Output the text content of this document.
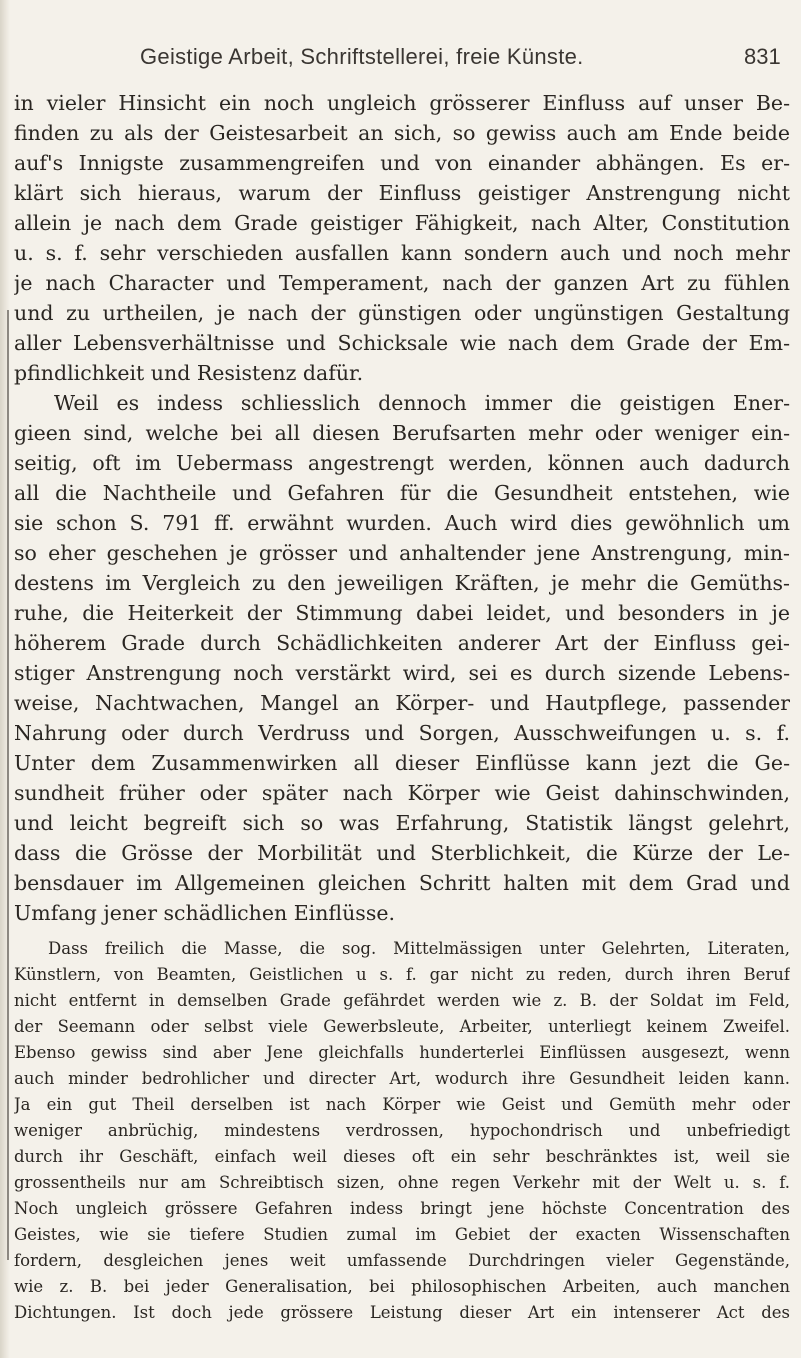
Geistige Arbeit, Schriftstellerei, freie Künste.	831
in vieler Hinsicht ein noch ungleich grösserer Einfluss auf unser Be-
finden zu als der Geistesarbeit an sich, so gewiss auch am Ende beide
auf's Innigste zusammengreifen und von einander abhängen. Es er-
klärt sich hieraus, warum der Einfluss geistiger Anstrengung nicht
allein je nach dem Grade geistiger Fähigkeit, nach Alter, Constitution
u. s. f. sehr verschieden ausfallen kann sondern auch und noch mehr
je nach Character und Temperament, nach der ganzen Art zu fühlen
und zu urtheilen, je nach der günstigen oder ungünstigen Gestaltung
aller Lebensverhältnisse und Schicksale wie nach dem Grade der Em-
pfindlichkeit und Resistenz dafür.
Weil es indess schliesslich dennoch immer die geistigen Ener-
gieen sind, welche bei all diesen Berufsarten mehr oder weniger ein-
seitig, oft im Uebermass angestrengt werden, können auch dadurch
all die Nachtheile und Gefahren für die Gesundheit entstehen, wie
sie schon S. 791 ff. erwähnt wurden. Auch wird dies gewöhnlich um
so eher geschehen je grösser und anhaltender jene Anstrengung, min-
destens im Vergleich zu den jeweiligen Kräften, je mehr die Gemüths-
ruhe, die Heiterkeit der Stimmung dabei leidet, und besonders in je
höherem Grade durch Schädlichkeiten anderer Art der Einfluss gei-
stiger Anstrengung noch verstärkt wird, sei es durch sizende Lebens-
weise, Nachtwachen, Mangel an Körper- und Hautpflege, passender
Nahrung oder durch Verdruss und Sorgen, Ausschweifungen u. s. f.
Unter dem Zusammenwirken all dieser Einflüsse kann jezt die Ge-
sundheit früher oder später nach Körper wie Geist dahinschwinden,
und leicht begreift sich so was Erfahrung, Statistik längst gelehrt,
dass die Grösse der Morbilität und Sterblichkeit, die Kürze der Le-
bensdauer im Allgemeinen gleichen Schritt halten mit dem Grad und
Umfang jener schädlichen Einflüsse.
Dass freilich die Masse, die sog. Mittelmässigen unter Gelehrten, Literaten,
Künstlern, von Beamten, Geistlichen u s. f. gar nicht zu reden, durch ihren Beruf
nicht entfernt in demselben Grade gefährdet werden wie z. B. der Soldat im Feld,
der Seemann oder selbst viele Gewerbsleute, Arbeiter, unterliegt keinem Zweifel.
Ebenso gewiss sind aber Jene gleichfalls hunderterlei Einflüssen ausgesezt, wenn
auch minder bedrohlicher und directer Art, wodurch ihre Gesundheit leiden kann.
Ja ein gut Theil derselben ist nach Körper wie Geist und Gemüth mehr oder
weniger anbrüchig, mindestens verdrossen, hypochondrisch und unbefriedigt
durch ihr Geschäft, einfach weil dieses oft ein sehr beschränktes ist, weil sie
grossentheils nur am Schreibtisch sizen, ohne regen Verkehr mit der Welt u. s. f.
Noch ungleich grössere Gefahren indess bringt jene höchste Concentration des
Geistes, wie sie tiefere Studien zumal im Gebiet der exacten Wissenschaften
fordern, desgleichen jenes weit umfassende Durchdringen vieler Gegenstände,
wie z. B. bei jeder Generalisation, bei philosophischen Arbeiten, auch manchen
Dichtungen. Ist doch jede grössere Leistung dieser Art ein intenserer Act des
